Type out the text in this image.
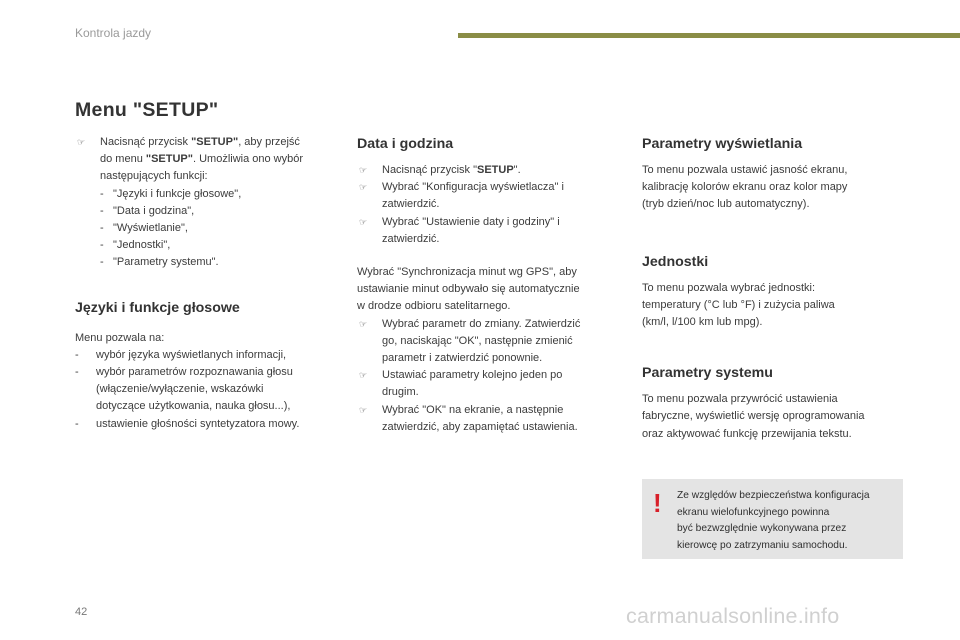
Kontrola jazdy
Menu "SETUP"
☞ Nacisnąć przycisk "SETUP", aby przejść
do menu "SETUP". Umożliwia ono wybór
następujących funkcji:
- "Języki i funkcje głosowe",
- "Data i godzina",
- "Wyświetlanie",
- "Jednostki",
- "Parametry systemu".
Języki i funkcje głosowe

Menu pozwala na:

- wybór języka wyświetlanych informacji,
- wybór parametrów rozpoznawania głosu
(włączenie/wyłączenie, wskazówki
dotyczące użytkowania, nauka głosu...),
- ustawienie głośności syntetyzatora mowy.
Data i godzina
☞ Nacisnąć przycisk "SETUP".
☞ Wybrać "Konfiguracja wyświetlacza" i
zatwierdzić.
☞ Wybrać "Ustawienie daty i godziny" i
zatwierdzić.

Wybrać "Synchronizacja minut wg GPS", aby
ustawianie minut odbywało się automatycznie
w drodze odbioru satelitarnego.

☞ Wybrać parametr do zmiany. Zatwierdzić
go, naciskając "OK", następnie zmienić
parametr i zatwierdzić ponownie.
☞ Ustawiać parametry kolejno jeden po
drugim.
☞ Wybrać "OK" na ekranie, a następnie
zatwierdzić, aby zapamiętać ustawienia.
Parametry wyświetlania

To menu pozwala ustawić jasność ekranu,
kalibrację kolorów ekranu oraz kolor mapy
(tryb dzień/noc lub automatyczny).

Jednostki

To menu pozwala wybrać jednostki:
temperatury (°C lub °F) i zużycia paliwa
(km/l, l/100 km lub mpg).

Parametry systemu

To menu pozwala przywrócić ustawienia
fabryczne, wyświetlić wersję oprogramowania
oraz aktywować funkcję przewijania tekstu.

! Ze względów bezpieczeństwa konfiguracja
ekranu wielofunkcyjnego powinna
być bezwzględnie wykonywana przez
kierowcę po zatrzymaniu samochodu.
42	carmanualsonline.info
